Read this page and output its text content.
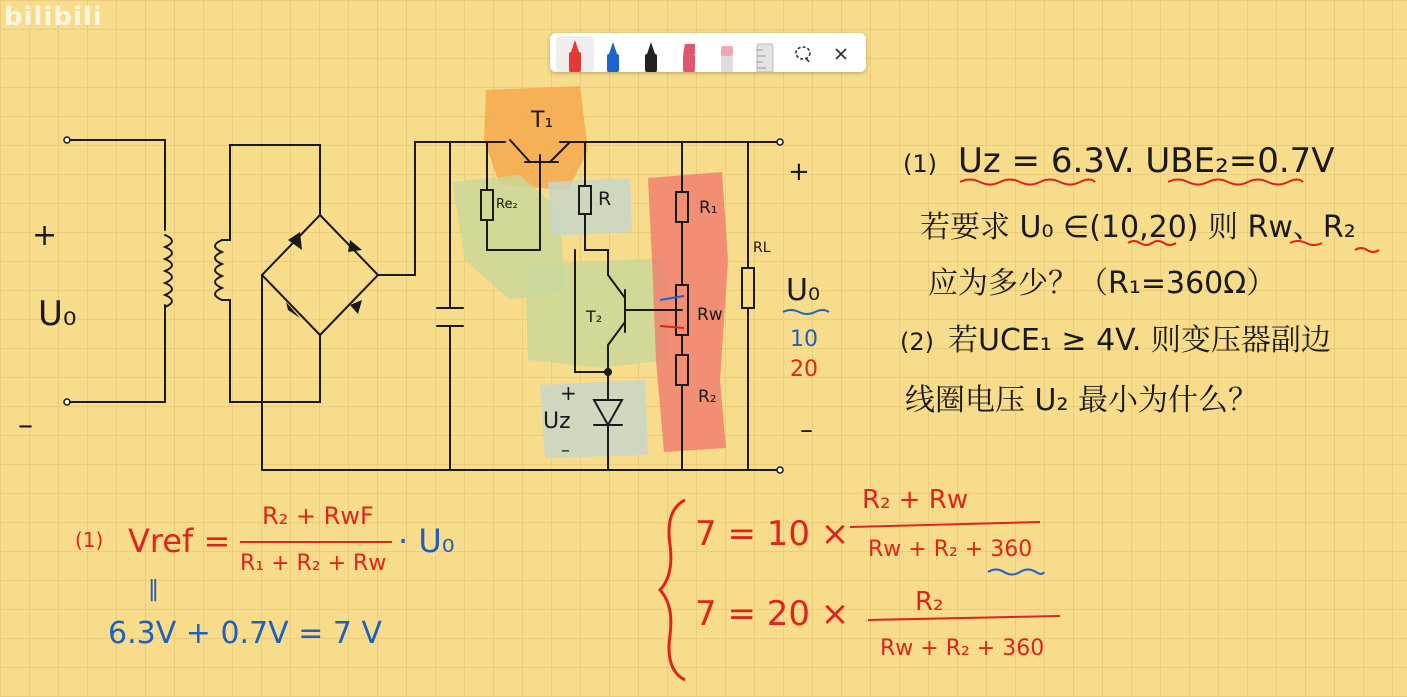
bilibili
+
U₀
–
T₁
T₂
Re₂	R	R₁
Rw
R₂
RL
+
–
U₀
+
Uz
–
10
20
(1) Uz = 6.3V. UBE₂=0.7V
若要求 U₀ ∈(10,20) 则 Rw、R₂
应为多少？（R₁=360Ω）
(2) 若UCE₁ ≥ 4V. 则变压器副边
线圈电压 U₂ 最小为什么？
(1) Vref =
R₂ + RwF
R₁ + R₂ + Rw
· U₀
‖
6.3V + 0.7V = 7 V
7 = 10 ×
R₂ + Rw
Rw + R₂ + 360
7 = 20 ×	R₂
Rw + R₂ + 360
